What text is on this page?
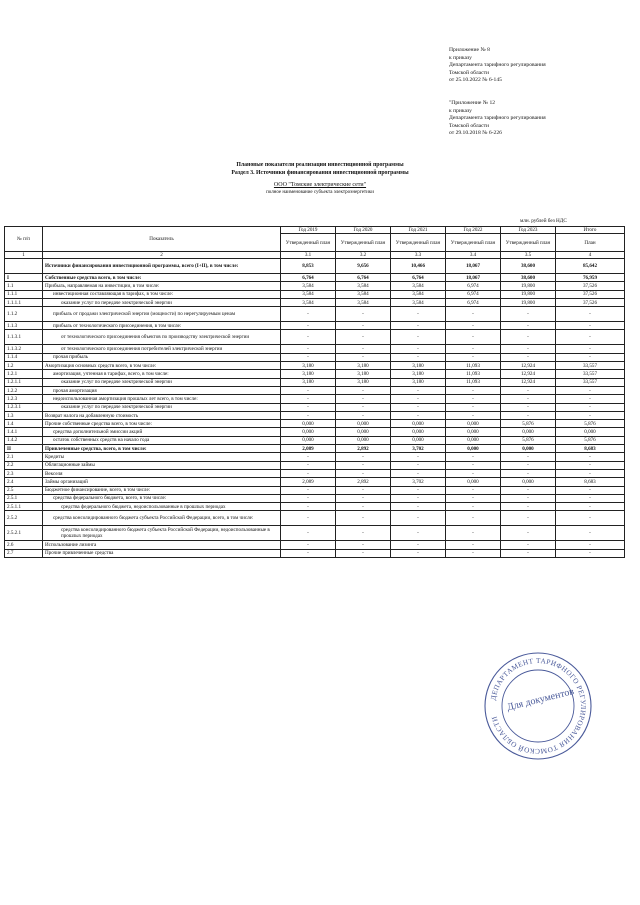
Приложение № 8
к приказу
Департамента тарифного регулирования
Томской области
от 25.10.2022 № 6-145
"Приложение № 12
к приказу
Департамента тарифного регулирования
Томской области
от 29.10.2018 № 6-226
Плановые показатели реализации инвестиционной программы
Раздел 3. Источники финансирования инвестиционной программы
ООО "Томские электрические сети"
полное наименование субъекта электроэнергетики
млн. рублей без НДС
№ п/п	Показатель	Год 2019	Год 2020	Год 2021	Год 2022	Год 2023	Итого
		Утвержденный план	Утвержденный план	Утвержденный план	Утвержденный план	Утвержденный план	План
1	2	3.1	3.2	3.3	3.4	3.5	4
	Источники финансирования инвестиционной программы, всего (I+II), в том числе:	8,853	9,656	10,466	18,067	38,600	85,642
I	Собственные средства всего, в том числе:	6,764	6,764	6,764	18,067	38,600	76,959
1.1	Прибыль, направляемая на инвестиции, в том числе:	3,584	3,584	3,584	6,974	19,800	37,526
1.1.1	инвестиционная составляющая в тарифах, в том числе:	3,584	3,584	3,584	6,974	19,800	37,526
1.1.1.1	оказание услуг по передаче электрической энергии	3,584	3,584	3,584	6,974	19,800	37,526
1.1.2	прибыль от продажи электрической энергии (мощности) по нерегулируемым ценам	-	-	-	-	-	-
1.1.3	прибыль от технологического присоединения, в том числе:	-	-	-	-	-	-
1.1.3.1	от технологического присоединения объектов по производству электрической энергии	-	-	-	-	-	-
1.1.3.2	от технологического присоединения потребителей электрической энергии	-	-	-	-	-	-
1.1.4	прочая прибыль	-	-	-	-	-	-
1.2	Амортизация основных средств всего, в том числе:	3,180	3,180	3,180	11,093	12,924	33,557
1.2.1	амортизация, учтенная в тарифах, всего, в том числе:	3,180	3,180	3,180	11,093	12,924	33,557
1.2.1.1	оказание услуг по передаче электрической энергии	3,180	3,180	3,180	11,093	12,924	33,557
1.2.2	прочая амортизация	-	-	-	-	-	-
1.2.3	недоиспользованная амортизация прошлых лет всего, в том числе:	-	-	-	-	-	-
1.2.3.1	оказание услуг по передаче электрической энергии	-	-	-	-	-	-
1.3	Возврат налога на добавленную стоимость	-	-	-	-	-	-
1.4	Прочие собственные средства всего, в том числе:	0,000	0,000	0,000	0,000	5,876	5,876
1.4.1	средства дополнительной эмиссии акций	0,000	0,000	0,000	0,000	0,000	0,000
1.4.2	остаток собственных средств на начало года	0,000	0,000	0,000	0,000	5,876	5,876
II	Привлеченные средства, всего, в том числе:	2,089	2,892	3,702	0,000	0,000	8,683
2.1	Кредиты	-	-	-	-	-	-
2.2	Облигационные займы	-	-	-	-	-	-
2.3	Векселя	-	-	-	-	-	-
2.4	Займы организаций	2,089	2,892	3,702	0,000	0,000	8,683
2.5	Бюджетное финансирование, всего, в том числе:	-	-	-	-	-	-
2.5.1	средства федерального бюджета, всего, в том числе:	-	-	-	-	-	-
2.5.1.1	средства федерального бюджета, недоиспользованные в прошлых периодах	-	-	-	-	-	-
2.5.2	средства консолидированного бюджета субъекта Российской Федерации, всего, в том числе:	-	-	-	-	-	-
2.5.2.1	средства консолидированного бюджета субъекта Российской Федерации, недоиспользованные в прошлых периодах	-	-	-	-	-	-
2.6	Использование лизинга	-	-	-	-	-	-
2.7	Прочие привлеченные средства	-	-	-	-	-	-
ДЕПАРТАМЕНТ ТАРИФНОГО РЕГУЛИРОВАНИЯ ТОМСКОЙ ОБЛАСТИ
Для документов
